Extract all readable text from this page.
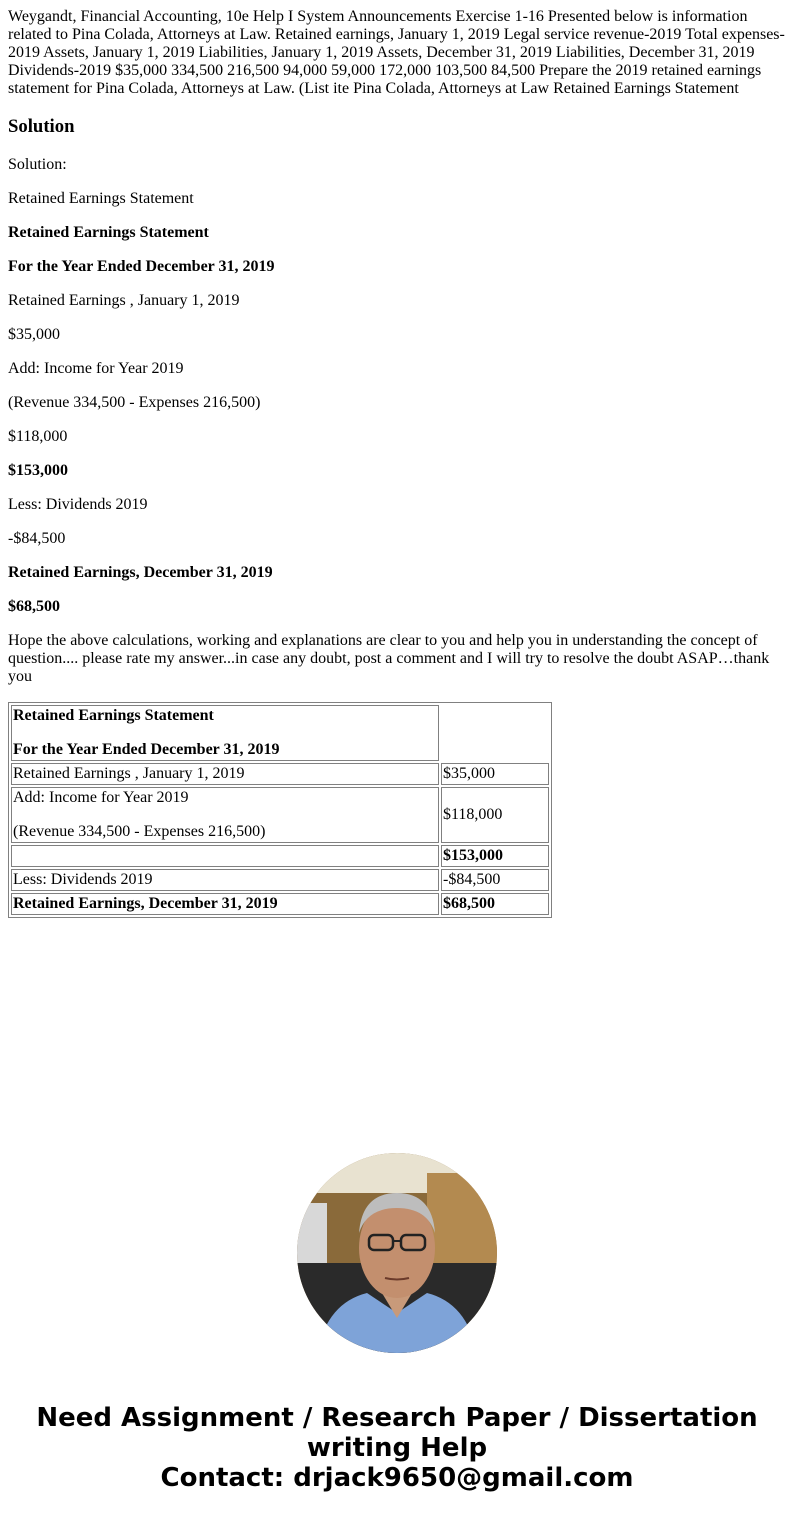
Weygandt, Financial Accounting, 10e Help I System Announcements Exercise 1-16 Presented below is information related to Pina Colada, Attorneys at Law. Retained earnings, January 1, 2019 Legal service revenue-2019 Total expenses-2019 Assets, January 1, 2019 Liabilities, January 1, 2019 Assets, December 31, 2019 Liabilities, December 31, 2019 Dividends-2019 $35,000 334,500 216,500 94,000 59,000 172,000 103,500 84,500 Prepare the 2019 retained earnings statement for Pina Colada, Attorneys at Law. (List ite Pina Colada, Attorneys at Law Retained Earnings Statement

Solution

Solution:

Retained Earnings Statement

Retained Earnings Statement

For the Year Ended December 31, 2019

Retained Earnings , January 1, 2019

$35,000

Add: Income for Year 2019

(Revenue 334,500 - Expenses 216,500)

$118,000

$153,000

Less: Dividends 2019

-$84,500

Retained Earnings, December 31, 2019

$68,500

Hope the above calculations, working and explanations are clear to you and help you in understanding the concept of question.... please rate my answer...in case any doubt, post a comment and I will try to resolve the doubt ASAP…thank you

Retained Earnings Statement

For the Year Ended December 31, 2019	

Retained Earnings , January 1, 2019	$35,000

Add: Income for Year 2019

(Revenue 334,500 - Expenses 216,500)	$118,000
	$153,000
Less: Dividends 2019	-$84,500
Retained Earnings, December 31, 2019	$68,500
Need Assignment / Research Paper / Dissertation
writing Help
Contact: drjack9650@gmail.com
